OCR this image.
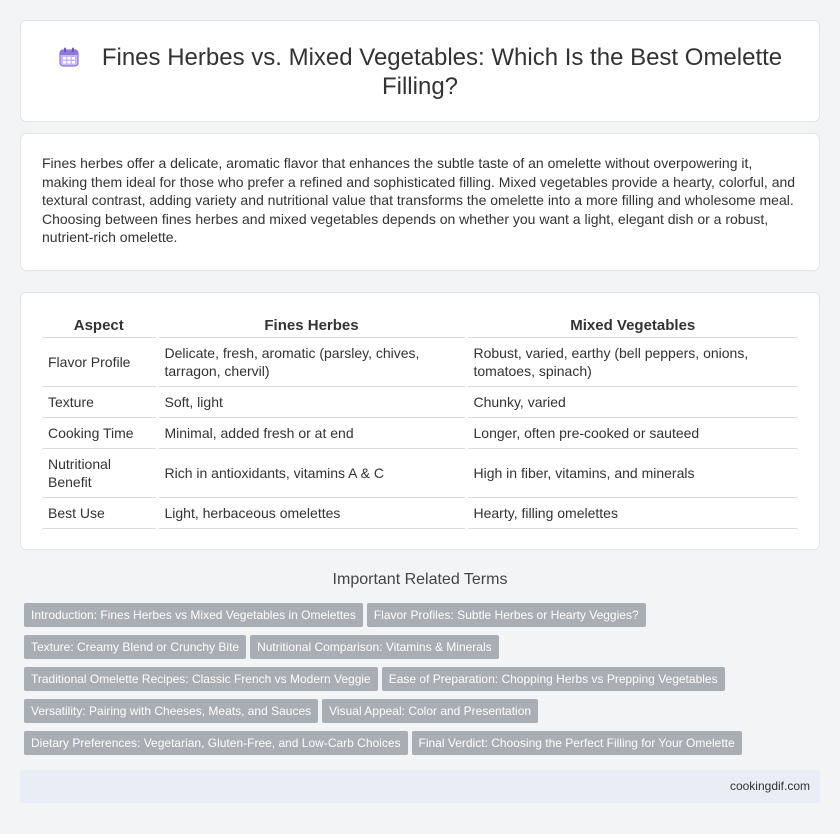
Fines Herbes vs. Mixed Vegetables: Which Is the Best Omelette Filling?

Fines herbes offer a delicate, aromatic flavor that enhances the subtle taste of an omelette without overpowering it, making them ideal for those who prefer a refined and sophisticated filling. Mixed vegetables provide a hearty, colorful, and textural contrast, adding variety and nutritional value that transforms the omelette into a more filling and wholesome meal. Choosing between fines herbes and mixed vegetables depends on whether you want a light, elegant dish or a robust, nutrient-rich omelette.

Aspect	Fines Herbes	Mixed Vegetables
Flavor Profile	Delicate, fresh, aromatic (parsley, chives, tarragon, chervil)	Robust, varied, earthy (bell peppers, onions, tomatoes, spinach)
Texture	Soft, light	Chunky, varied
Cooking Time	Minimal, added fresh or at end	Longer, often pre-cooked or sauteed
Nutritional Benefit	Rich in antioxidants, vitamins A & C	High in fiber, vitamins, and minerals
Best Use	Light, herbaceous omelettes	Hearty, filling omelettes
Important Related Terms
Introduction: Fines Herbes vs Mixed Vegetables in Omelettes Flavor Profiles: Subtle Herbes or Hearty Veggies?
Texture: Creamy Blend or Crunchy Bite Nutritional Comparison: Vitamins & Minerals
Traditional Omelette Recipes: Classic French vs Modern Veggie Ease of Preparation: Chopping Herbs vs Prepping Vegetables
Versatility: Pairing with Cheeses, Meats, and Sauces Visual Appeal: Color and Presentation
Dietary Preferences: Vegetarian, Gluten-Free, and Low-Carb Choices Final Verdict: Choosing the Perfect Filling for Your Omelette
cookingdif.com
